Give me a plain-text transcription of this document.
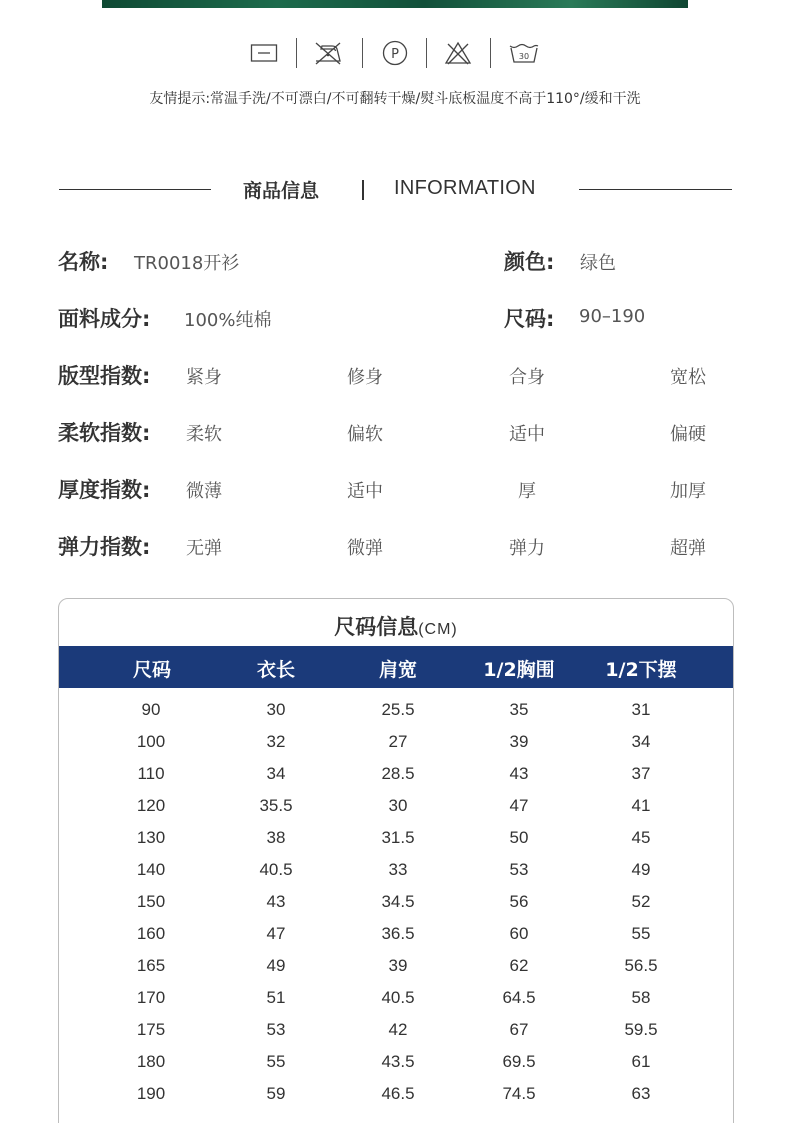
P	30
友情提示:常温手洗/不可漂白/不可翻转干燥/熨斗底板温度不高于110°/缓和干洗
商品信息	INFORMATION
名称: TR0018开衫	颜色: 绿色
面料成分: 100%纯棉	尺码: 90–190
版型指数:	紧身	修身	合身	宽松
柔软指数:	柔软	偏软	适中	偏硬
厚度指数:	微薄	适中	厚	加厚
弹力指数:	无弹	微弹	弹力	超弹
尺码信息(CM)
尺码	衣长	肩宽	1/2胸围	1/2下摆
90	30	25.5	35	31
100	32	27	39	34
110	34	28.5	43	37
120	35.5	30	47	41
130	38	31.5	50	45
140	40.5	33	53	49
150	43	34.5	56	52
160	47	36.5	60	55
165	49	39	62	56.5
170	51	40.5	64.5	58
175	53	42	67	59.5
180	55	43.5	69.5	61
190	59	46.5	74.5	63
